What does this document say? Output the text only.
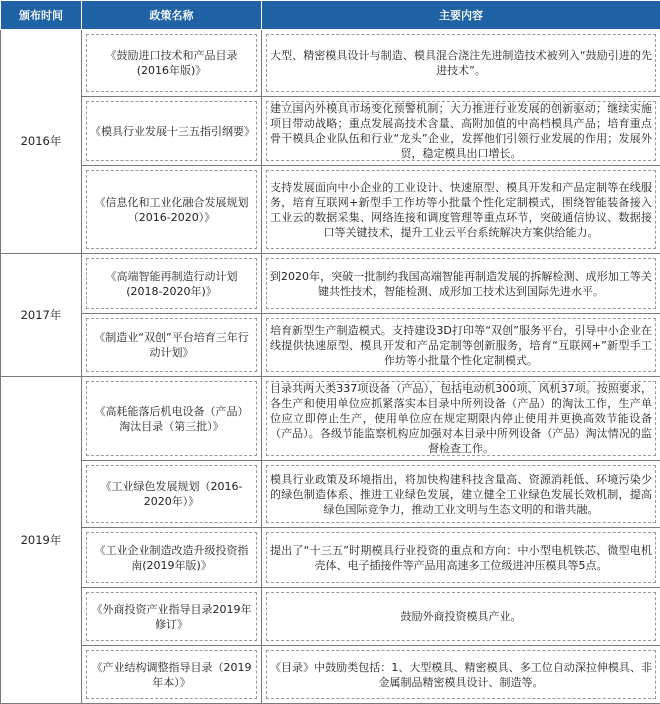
颁布时间	政策名称	主要内容
2016年	《鼓励进口技术和产品目录(2016年版)》	大型、精密模具设计与制造、模具混合浇注先进制造技术被列入“鼓励引进的先进技术”。

	《模具行业发展十三五指引纲要》	建立国内外模具市场变化预警机制；大力推进行业发展的创新驱动；继续实施项目带动战略；重点发展高技术含量、高附加值的中高档模具产品；培育重点骨干模具企业队伍和行业“龙头”企业，发挥他们引领行业发展的作用；发展外贸，稳定模具出口增长。

	《信息化和工业化融合发展规划（2016-2020）》	支持发展面向中小企业的工业设计、快速原型、模具开发和产品定制等在线服务，培育互联网+新型手工作坊等小批量个性化定制模式，围绕智能装备接入工业云的数据采集、网络连接和调度管理等重点环节，突破通信协议、数据接口等关键技术，提升工业云平台系统解决方案供给能力。

2017年	《高端智能再制造行动计划(2018-2020年)》	到2020年，突破一批制约我国高端智能再制造发展的拆解检测、成形加工等关键共性技术，智能检测、成形加工技术达到国际先进水平。

	《制造业“双创”平台培育三年行动计划》	培育新型生产制造模式。支持建设3D打印等“双创”服务平台，引导中小企业在线提供快速原型、模具开发和产品定制等创新服务，培育“互联网+”新型手工作坊等小批量个性化定制模式。

2019年	《高耗能落后机电设备（产品）淘汰目录（第三批）》	目录共两大类337项设备（产品），包括电动机300项、风机37项。按照要求，各生产和使用单位应抓紧落实本目录中所列设备（产品）的淘汰工作，生产单位应立即停止生产，使用单位应在规定期限内停止使用并更换高效节能设备（产品）。各级节能监察机构应加强对本目录中所列设备（产品）淘汰情况的监督检查工作。

	《工业绿色发展规划（2016-2020年）》	模具行业政策及环境指出，将加快构建科技含量高、资源消耗低、环境污染少的绿色制造体系、推进工业绿色发展，建立健全工业绿色发展长效机制，提高绿色国际竞争力，推动工业文明与生态文明的和谐共融。

	《工业企业制造改造升级投资指南(2019年版)》	提出了“十三五”时期模具行业投资的重点和方向：中小型电机铁芯、微型电机壳体、电子插接件等产品用高速多工位级进冲压模具等5点。

	《外商投资产业指导目录2019年修订》	鼓励外商投资模具产业。

	《产业结构调整指导目录（2019年本）》	《目录》中鼓励类包括：1、大型模具、精密模具、多工位自动深拉伸模具、非金属制品精密模具设计、制造等。
